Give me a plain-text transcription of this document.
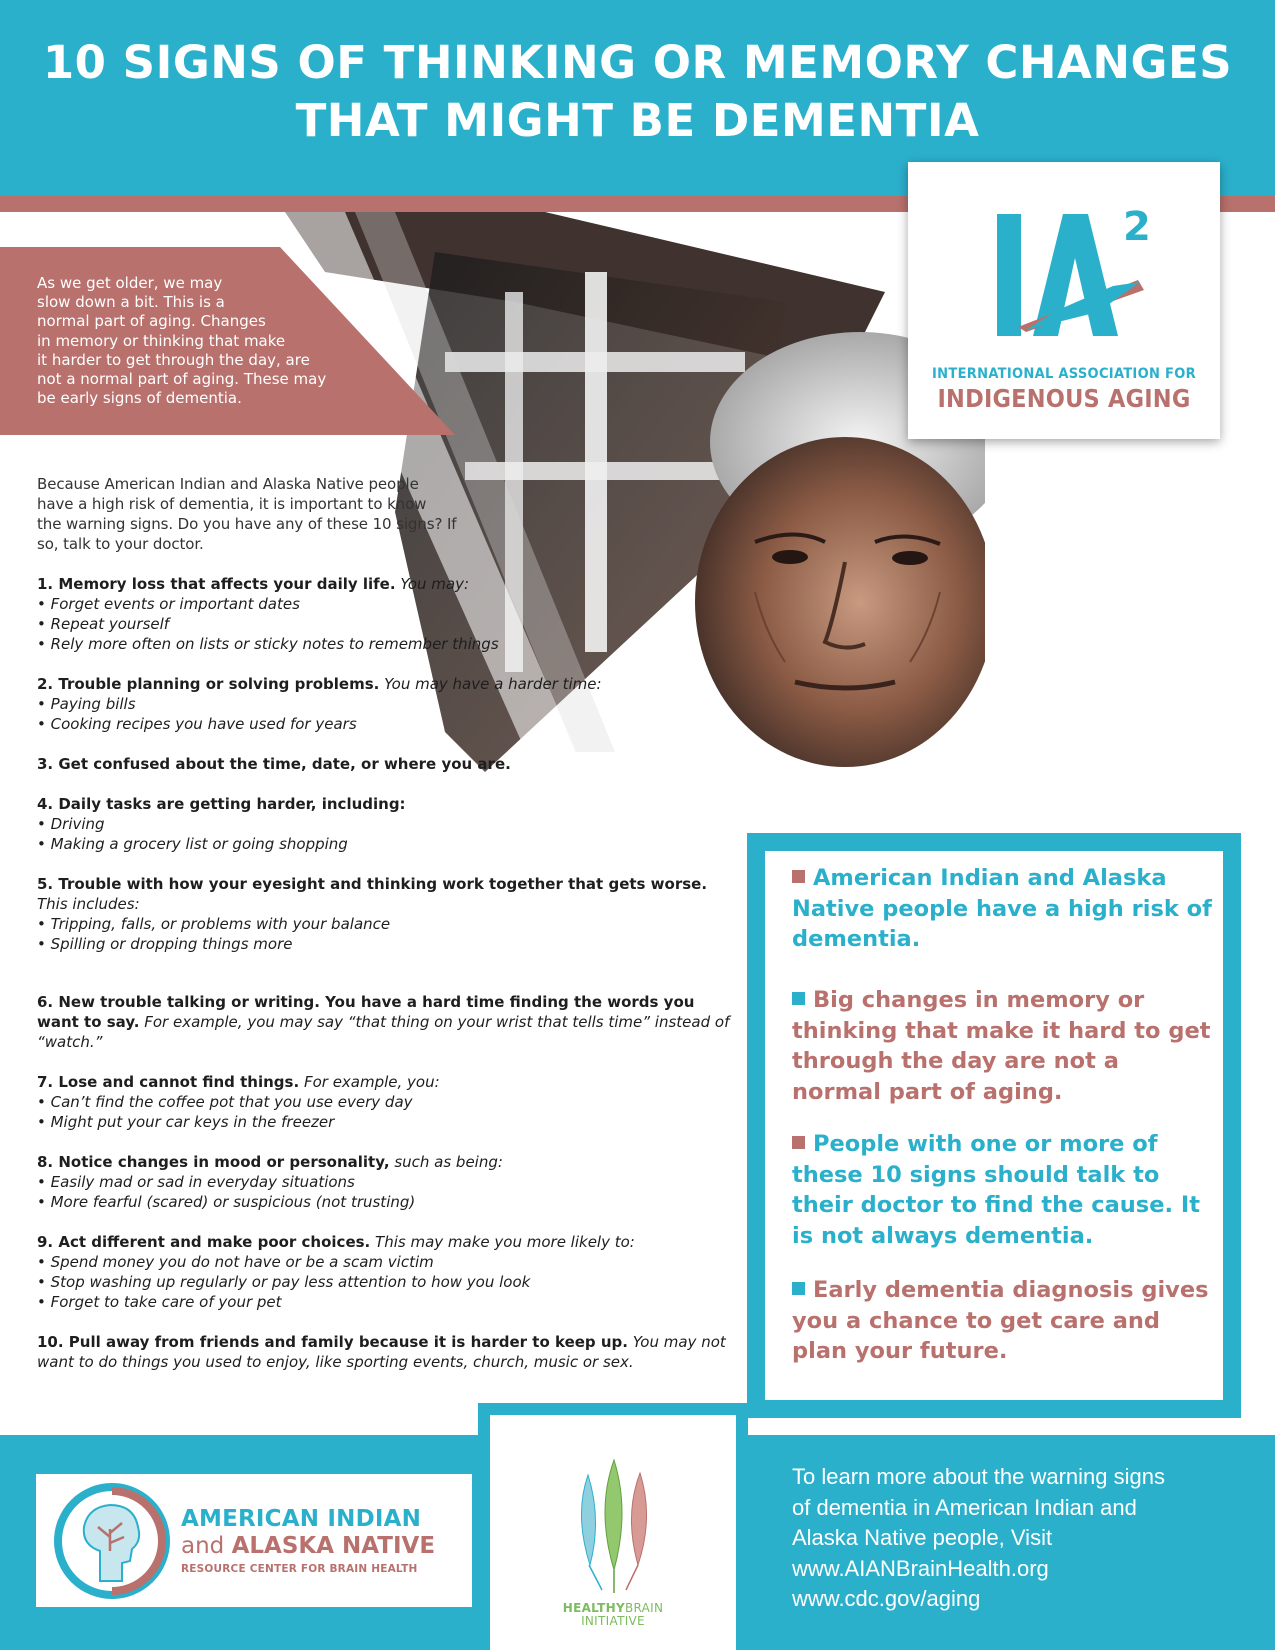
10 SIGNS OF THINKING OR MEMORY CHANGES
THAT MIGHT BE DEMENTIA
As we get older, we may
slow down a bit. This is a
normal part of aging. Changes
in memory or thinking that make
it harder to get through the day, are
not a normal part of aging. These may
be early signs of dementia.
2
INTERNATIONAL ASSOCIATION FOR
INDIGENOUS AGING
Because American Indian and Alaska Native people
have a high risk of dementia, it is important to know
the warning signs. Do you have any of these 10 signs? If
so, talk to your doctor.
1. Memory loss that affects your daily life. You may:
• Forget events or important dates
• Repeat yourself
• Rely more often on lists or sticky notes to remember things
2. Trouble planning or solving problems. You may have a harder time:
• Paying bills
• Cooking recipes you have used for years
3. Get confused about the time, date, or where you are.
4. Daily tasks are getting harder, including:
• Driving
• Making a grocery list or going shopping
5. Trouble with how your eyesight and thinking work together that gets worse. This includes:
• Tripping, falls, or problems with your balance
• Spilling or dropping things more
6. New trouble talking or writing. You have a hard time finding the words you want to say. For example, you may say “that thing on your wrist that tells time” instead of “watch.”
7. Lose and cannot find things. For example, you:
• Can’t find the coffee pot that you use every day
• Might put your car keys in the freezer
8. Notice changes in mood or personality, such as being:
• Easily mad or sad in everyday situations
• More fearful (scared) or suspicious (not trusting)
9. Act different and make poor choices. This may make you more likely to:
• Spend money you do not have or be a scam victim
• Stop washing up regularly or pay less attention to how you look
• Forget to take care of your pet
10. Pull away from friends and family because it is harder to keep up. You may not want to do things you used to enjoy, like sporting events, church, music or sex.
American Indian and Alaska Native people have a high risk of dementia.
Big changes in memory or thinking that make it hard to get through the day are not a normal part of aging.
People with one or more of these 10 signs should talk to their doctor to find the cause. It is not always dementia.
Early dementia diagnosis gives you a chance to get care and plan your future.
AMERICAN INDIAN
and ALASKA NATIVE
RESOURCE CENTER FOR BRAIN HEALTH
HEALTHYBRAIN
INITIATIVE
To learn more about the warning signs
of dementia in American Indian and
Alaska Native people, Visit
www.AIANBrainHealth.org
www.cdc.gov/aging
